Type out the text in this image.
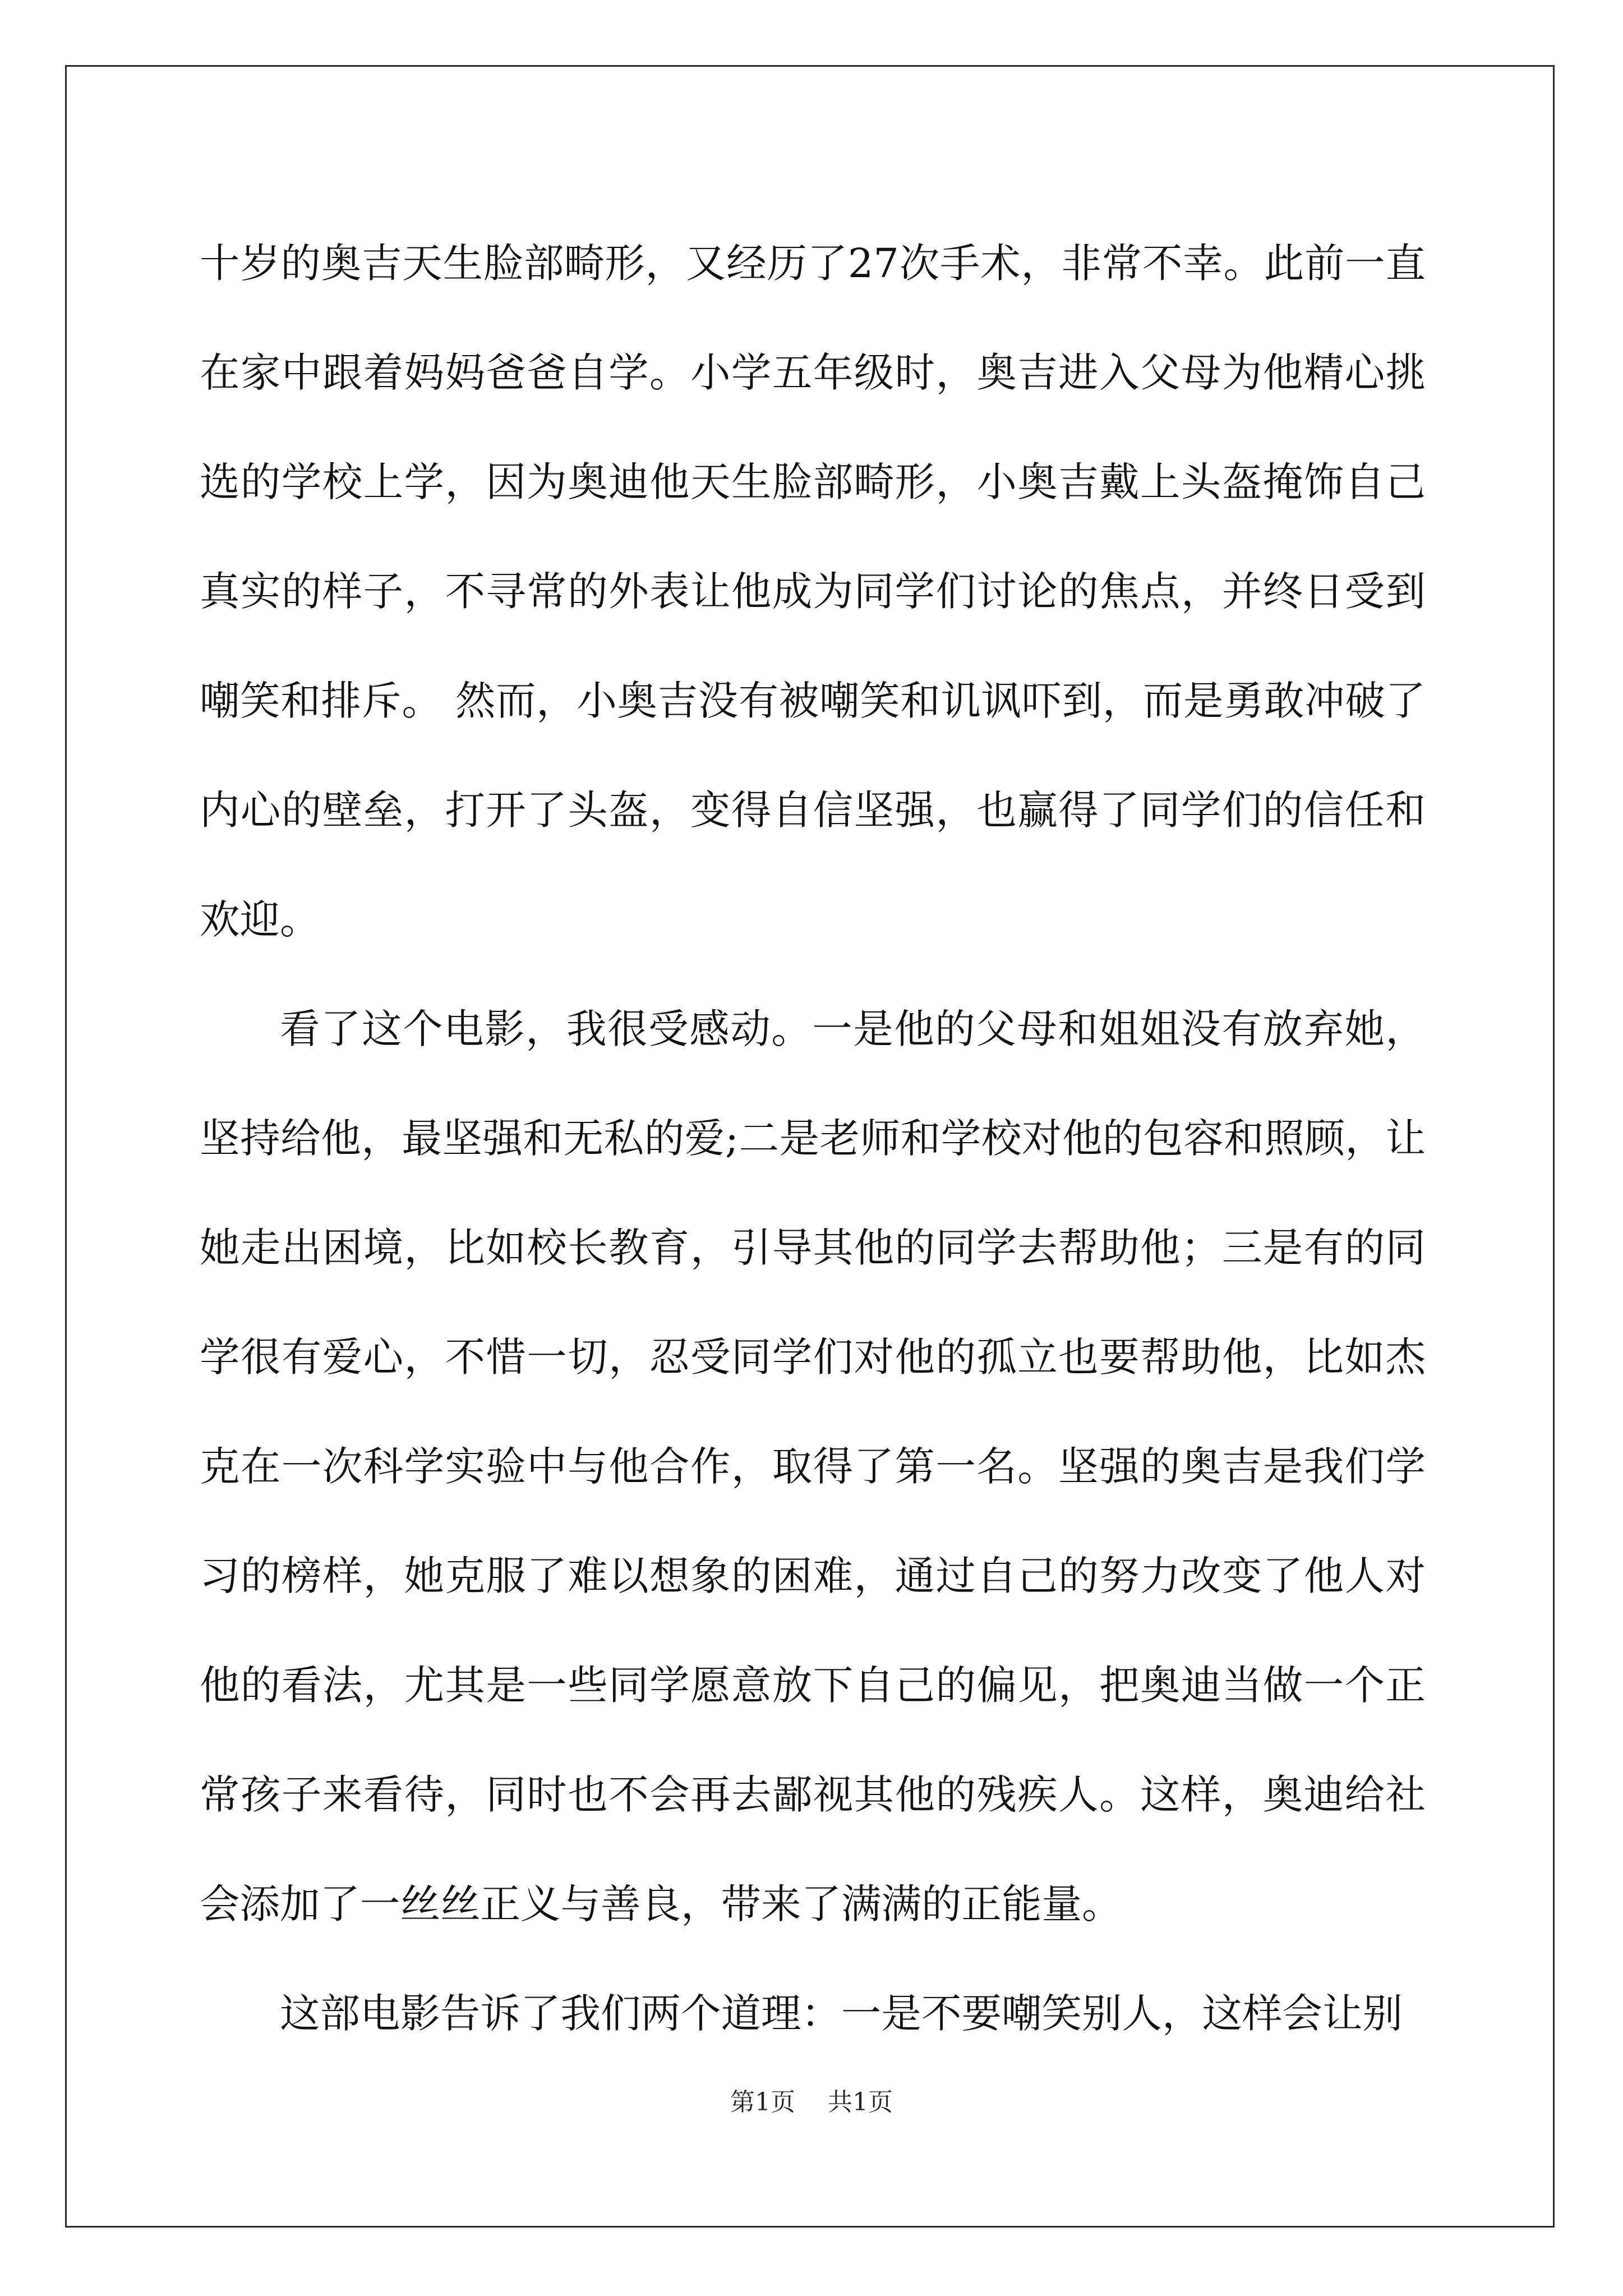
十岁的奥吉天生脸部畸形，又经历了27次手术，非常不幸。此前一直在家中跟着妈妈爸爸自学。小学五年级时，奥吉进入父母为他精心挑选的学校上学，因为奥迪他天生脸部畸形，小奥吉戴上头盔掩饰自己真实的样子，不寻常的外表让他成为同学们讨论的焦点，并终日受到嘲笑和排斥。 然而，小奥吉没有被嘲笑和讥讽吓到，而是勇敢冲破了内心的壁垒，打开了头盔，变得自信坚强，也赢得了同学们的信任和欢迎。

看了这个电影，我很受感动。一是他的父母和姐姐没有放弃她，坚持给他，最坚强和无私的爱;二是老师和学校对他的包容和照顾，让她走出困境，比如校长教育，引导其他的同学去帮助他；三是有的同学很有爱心，不惜一切，忍受同学们对他的孤立也要帮助他，比如杰克在一次科学实验中与他合作，取得了第一名。坚强的奥吉是我们学习的榜样，她克服了难以想象的困难，通过自己的努力改变了他人对他的看法，尤其是一些同学愿意放下自己的偏见，把奥迪当做一个正常孩子来看待，同时也不会再去鄙视其他的残疾人。这样，奥迪给社会添加了一丝丝正义与善良，带来了满满的正能量。

这部电影告诉了我们两个道理：一是不要嘲笑别人，这样会让别

第1页 共1页
